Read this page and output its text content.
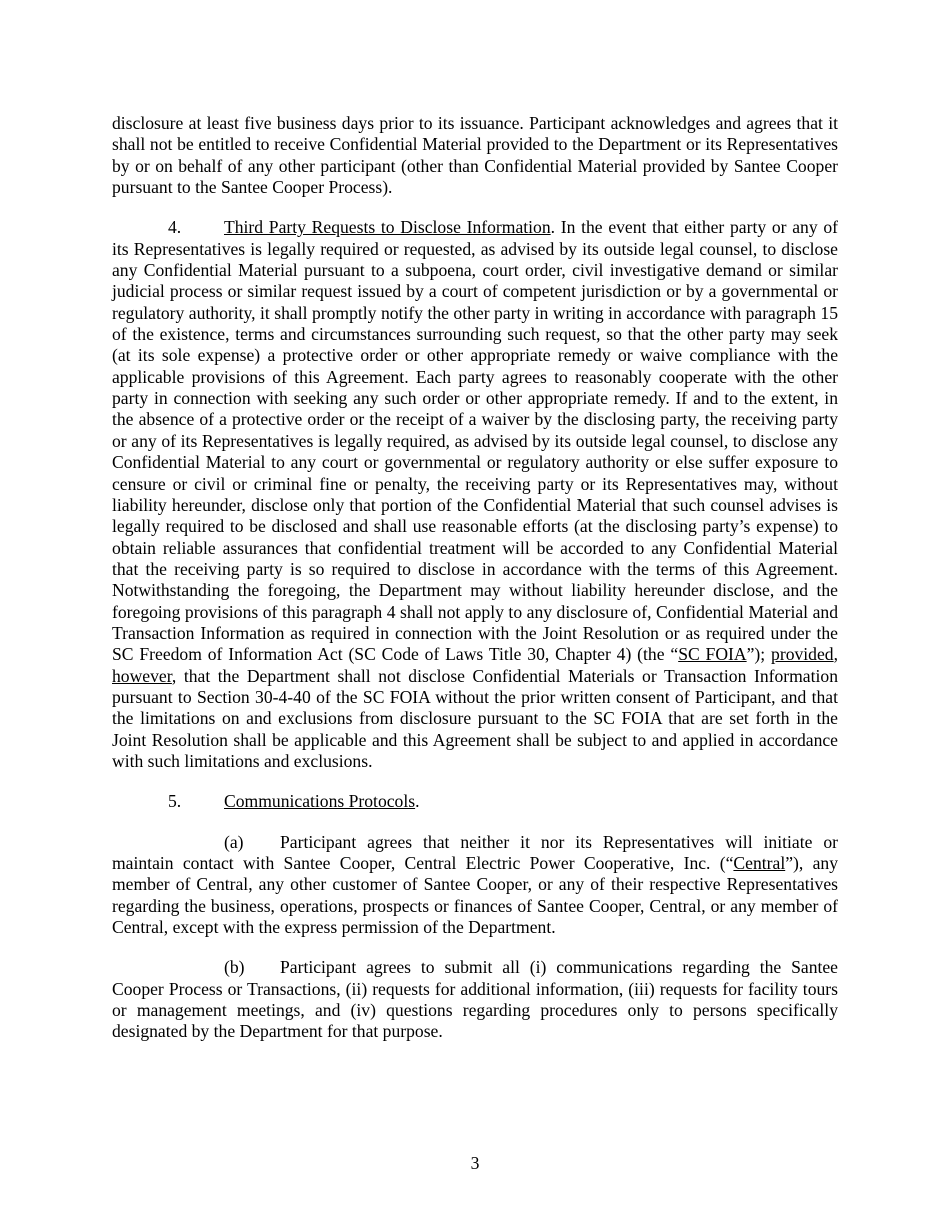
disclosure at least five business days prior to its issuance. Participant acknowledges and agrees that it shall not be entitled to receive Confidential Material provided to the Department or its Representatives by or on behalf of any other participant (other than Confidential Material provided by Santee Cooper pursuant to the Santee Cooper Process).

4. Third Party Requests to Disclose Information. In the event that either party or any of its Representatives is legally required or requested, as advised by its outside legal counsel, to disclose any Confidential Material pursuant to a subpoena, court order, civil investigative demand or similar judicial process or similar request issued by a court of competent jurisdiction or by a governmental or regulatory authority, it shall promptly notify the other party in writing in accordance with paragraph 15 of the existence, terms and circumstances surrounding such request, so that the other party may seek (at its sole expense) a protective order or other appropriate remedy or waive compliance with the applicable provisions of this Agreement. Each party agrees to reasonably cooperate with the other party in connection with seeking any such order or other appropriate remedy. If and to the extent, in the absence of a protective order or the receipt of a waiver by the disclosing party, the receiving party or any of its Representatives is legally required, as advised by its outside legal counsel, to disclose any Confidential Material to any court or governmental or regulatory authority or else suffer exposure to censure or civil or criminal fine or penalty, the receiving party or its Representatives may, without liability hereunder, disclose only that portion of the Confidential Material that such counsel advises is legally required to be disclosed and shall use reasonable efforts (at the disclosing party’s expense) to obtain reliable assurances that confidential treatment will be accorded to any Confidential Material that the receiving party is so required to disclose in accordance with the terms of this Agreement. Notwithstanding the foregoing, the Department may without liability hereunder disclose, and the foregoing provisions of this paragraph 4 shall not apply to any disclosure of, Confidential Material and Transaction Information as required in connection with the Joint Resolution or as required under the SC Freedom of Information Act (SC Code of Laws Title 30, Chapter 4) (the “SC FOIA”); provided, however, that the Department shall not disclose Confidential Materials or Transaction Information pursuant to Section 30-4-40 of the SC FOIA without the prior written consent of Participant, and that the limitations on and exclusions from disclosure pursuant to the SC FOIA that are set forth in the Joint Resolution shall be applicable and this Agreement shall be subject to and applied in accordance with such limitations and exclusions.

5. Communications Protocols.

(a) Participant agrees that neither it nor its Representatives will initiate or maintain contact with Santee Cooper, Central Electric Power Cooperative, Inc. (“Central”), any member of Central, any other customer of Santee Cooper, or any of their respective Representatives regarding the business, operations, prospects or finances of Santee Cooper, Central, or any member of Central, except with the express permission of the Department.

(b) Participant agrees to submit all (i) communications regarding the Santee Cooper Process or Transactions, (ii) requests for additional information, (iii) requests for facility tours or management meetings, and (iv) questions regarding procedures only to persons specifically designated by the Department for that purpose.

3
